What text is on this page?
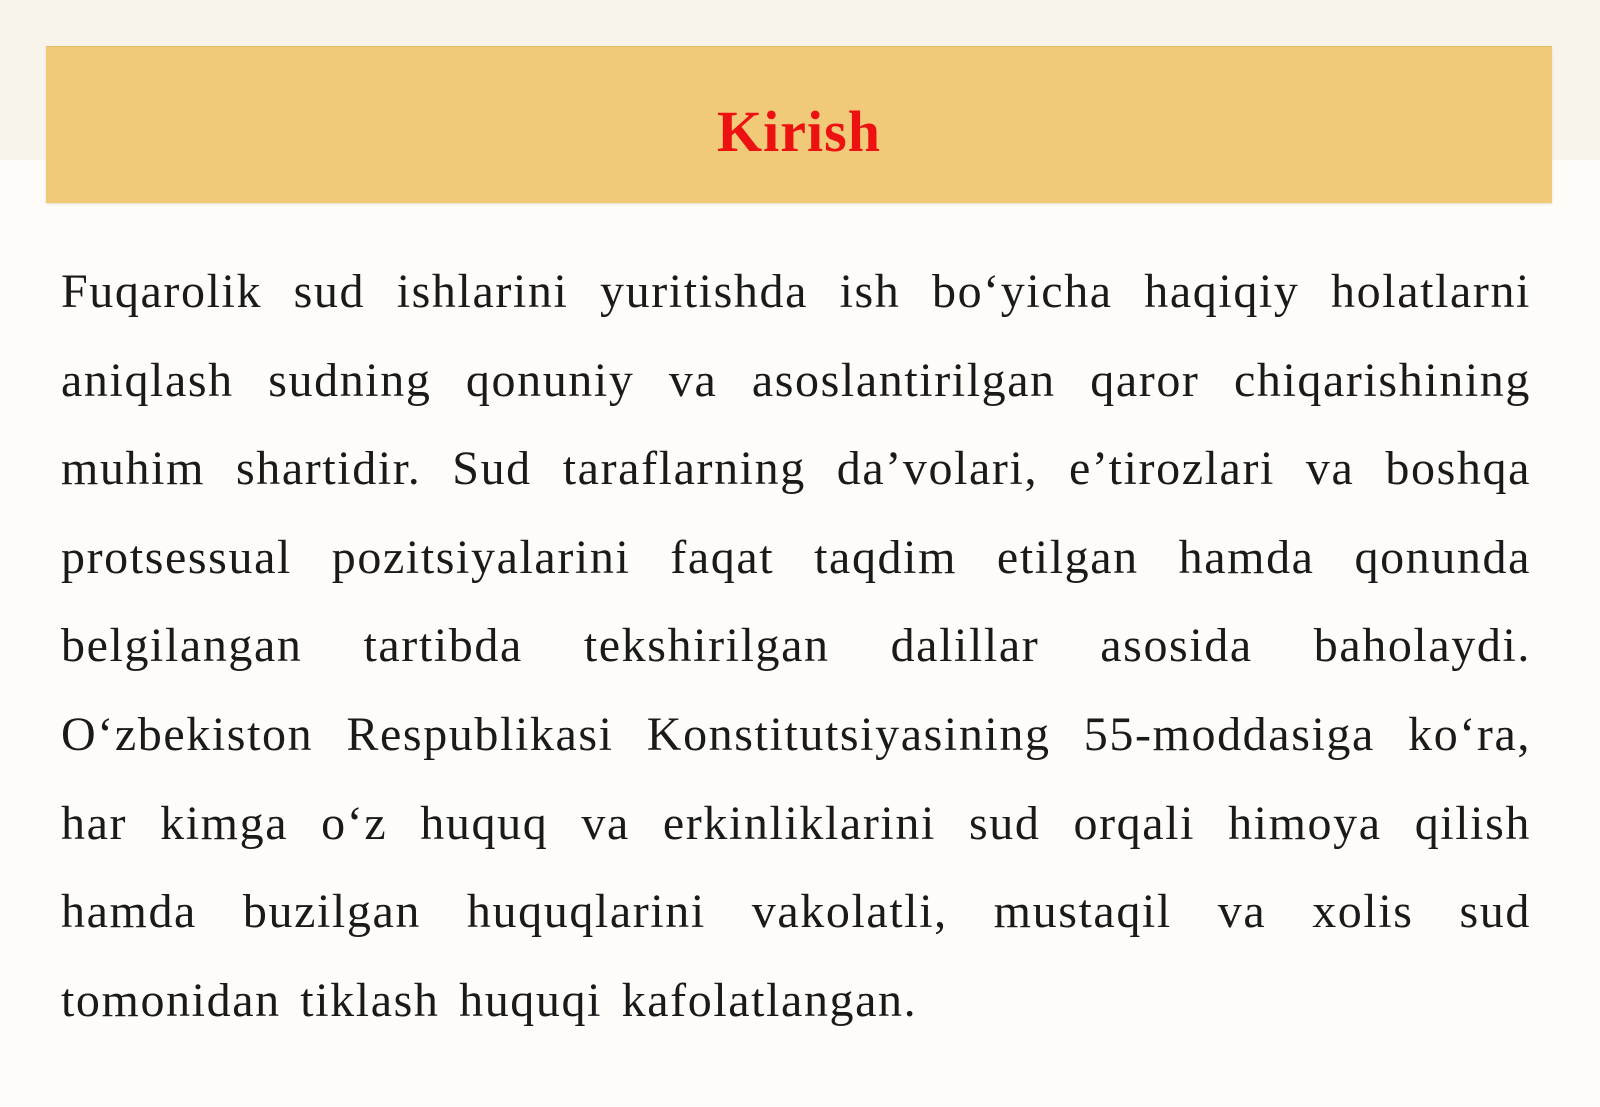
Kirish

Fuqarolik sud ishlarini yuritishda ish bo‘yicha haqiqiy holatlarni aniqlash sudning qonuniy va asoslantirilgan qaror chiqarishining muhim shartidir. Sud taraflarning da’volari, e’tirozlari va boshqa protsessual pozitsiyalarini faqat taqdim etilgan hamda qonunda belgilangan tartibda tekshirilgan dalillar asosida baholaydi. O‘zbekiston Respublikasi Konstitutsiyasining 55-moddasiga ko‘ra, har kimga o‘z huquq va erkinliklarini sud orqali himoya qilish hamda buzilgan huquqlarini vakolatli, mustaqil va xolis sud tomonidan tiklash huquqi kafolatlangan.
